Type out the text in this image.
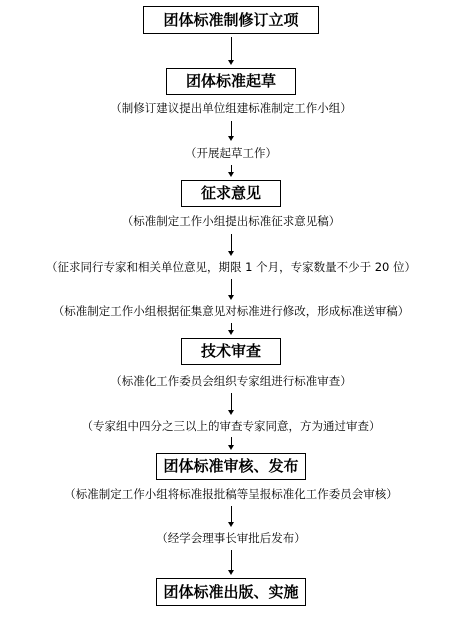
团体标准制修订立项
团体标准起草
征求意见
技术审查
团体标准审核、发布
团体标准出版、实施
（制修订建议提出单位组建标准制定工作小组）
（开展起草工作）
（标准制定工作小组提出标准征求意见稿）
（征求同行专家和相关单位意见，期限 1 个月，专家数量不少于 20 位）
（标准制定工作小组根据征集意见对标准进行修改，形成标准送审稿）
（标准化工作委员会组织专家组进行标准审查）
（专家组中四分之三以上的审查专家同意，方为通过审查）
（标准制定工作小组将标准报批稿等呈报标准化工作委员会审核）
（经学会理事长审批后发布）
